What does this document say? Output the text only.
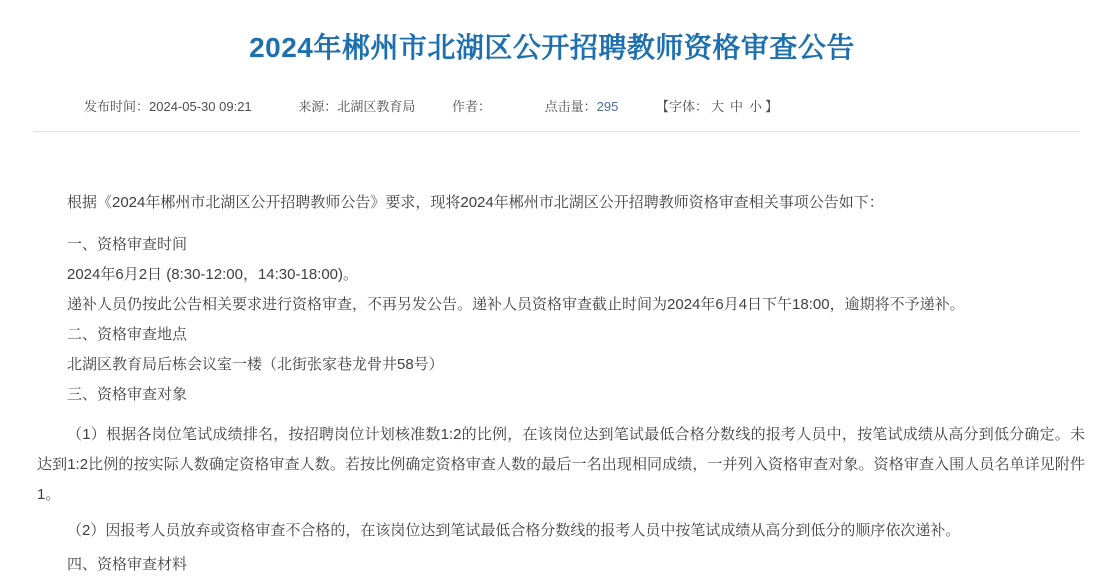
2024年郴州市北湖区公开招聘教师资格审查公告
发布时间：2024-05-30 09:21	来源：北湖区教育局	作者：	点击量：295	【字体： 大 中 小 】

根据《2024年郴州市北湖区公开招聘教师公告》要求，现将2024年郴州市北湖区公开招聘教师资格审查相关事项公告如下：

一、资格审查时间

2024年6月2日 (8:30-12:00，14:30-18:00)。

递补人员仍按此公告相关要求进行资格审查，不再另发公告。递补人员资格审查截止时间为2024年6月4日下午18:00，逾期将不予递补。

二、资格审查地点

北湖区教育局后栋会议室一楼（北街张家巷龙骨井58号）

三、资格审查对象

（1）根据各岗位笔试成绩排名，按招聘岗位计划核准数1:2的比例，在该岗位达到笔试最低合格分数线的报考人员中，按笔试成绩从高分到低分确定。未达到1:2比例的按实际人数确定资格审查人数。若按比例确定资格审查人数的最后一名出现相同成绩，一并列入资格审查对象。资格审查入围人员名单详见附件1。

（2）因报考人员放弃或资格审查不合格的，在该岗位达到笔试最低合格分数线的报考人员中按笔试成绩从高分到低分的顺序依次递补。

四、资格审查材料
